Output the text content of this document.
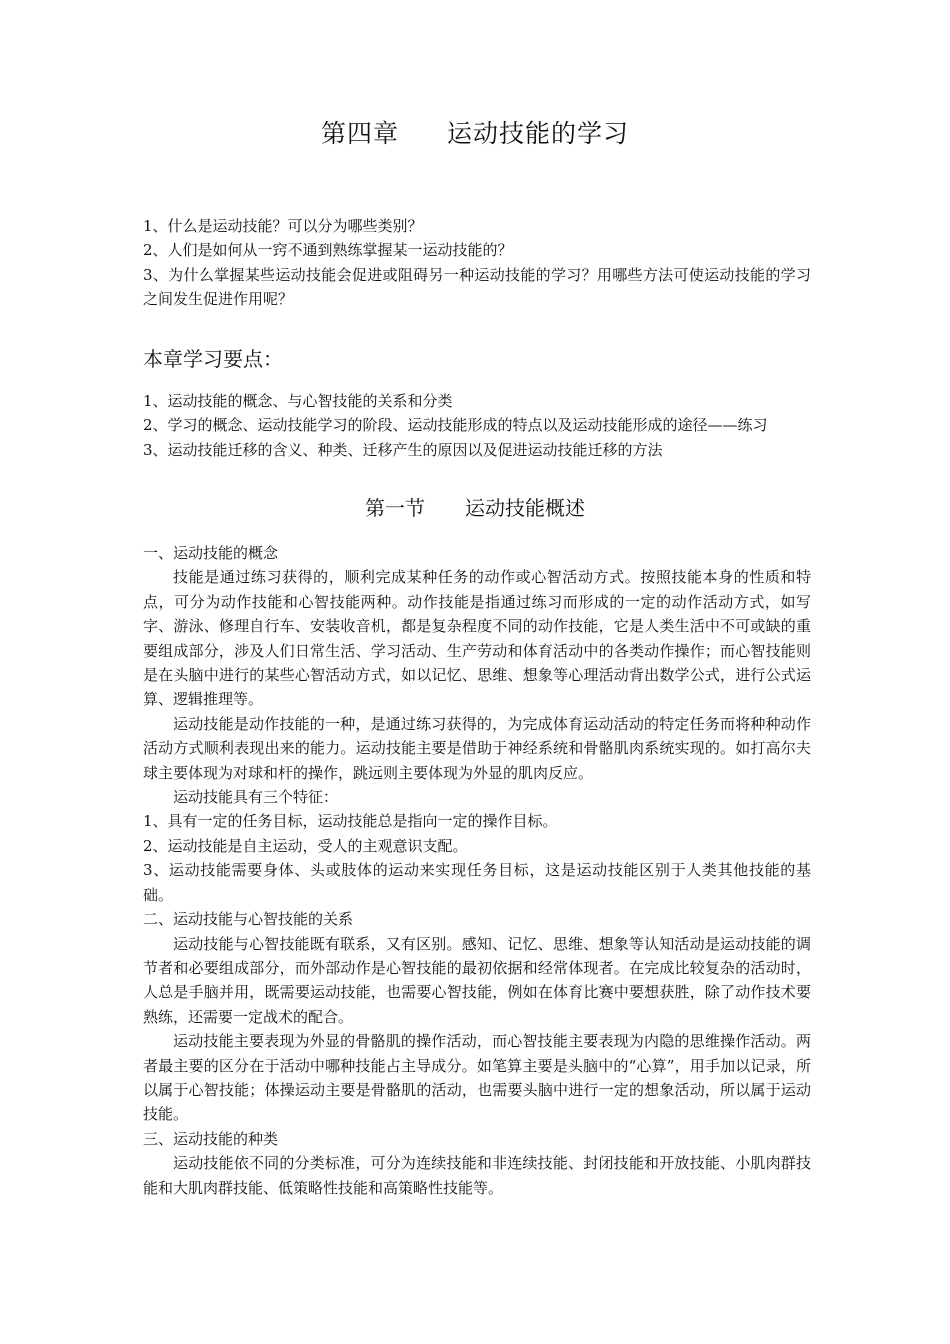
第四章 运动技能的学习

1、什么是运动技能？可以分为哪些类别？

2、人们是如何从一窍不通到熟练掌握某一运动技能的？

3、为什么掌握某些运动技能会促进或阻碍另一种运动技能的学习？用哪些方法可使运动技能的学习之间发生促进作用呢？

本章学习要点：

1、运动技能的概念、与心智技能的关系和分类

2、学习的概念、运动技能学习的阶段、运动技能形成的特点以及运动技能形成的途径——练习

3、运动技能迁移的含义、种类、迁移产生的原因以及促进运动技能迁移的方法

第一节 运动技能概述

一、运动技能的概念

技能是通过练习获得的，顺利完成某种任务的动作或心智活动方式。按照技能本身的性质和特点，可分为动作技能和心智技能两种。动作技能是指通过练习而形成的一定的动作活动方式，如写字、游泳、修理自行车、安装收音机，都是复杂程度不同的动作技能，它是人类生活中不可或缺的重要组成部分，涉及人们日常生活、学习活动、生产劳动和体育活动中的各类动作操作；而心智技能则是在头脑中进行的某些心智活动方式，如以记忆、思维、想象等心理活动背出数学公式，进行公式运算、逻辑推理等。

运动技能是动作技能的一种，是通过练习获得的，为完成体育运动活动的特定任务而将种种动作活动方式顺利表现出来的能力。运动技能主要是借助于神经系统和骨骼肌肉系统实现的。如打高尔夫球主要体现为对球和杆的操作，跳远则主要体现为外显的肌肉反应。

运动技能具有三个特征：

1、具有一定的任务目标，运动技能总是指向一定的操作目标。

2、运动技能是自主运动，受人的主观意识支配。

3、运动技能需要身体、头或肢体的运动来实现任务目标，这是运动技能区别于人类其他技能的基础。

二、运动技能与心智技能的关系

运动技能与心智技能既有联系，又有区别。感知、记忆、思维、想象等认知活动是运动技能的调节者和必要组成部分，而外部动作是心智技能的最初依据和经常体现者。在完成比较复杂的活动时，人总是手脑并用，既需要运动技能，也需要心智技能，例如在体育比赛中要想获胜，除了动作技术要熟练，还需要一定战术的配合。

运动技能主要表现为外显的骨骼肌的操作活动，而心智技能主要表现为内隐的思维操作活动。两者最主要的区分在于活动中哪种技能占主导成分。如笔算主要是头脑中的“心算”，用手加以记录，所以属于心智技能；体操运动主要是骨骼肌的活动，也需要头脑中进行一定的想象活动，所以属于运动技能。

三、运动技能的种类

运动技能依不同的分类标准，可分为连续技能和非连续技能、封闭技能和开放技能、小肌肉群技能和大肌肉群技能、低策略性技能和高策略性技能等。
